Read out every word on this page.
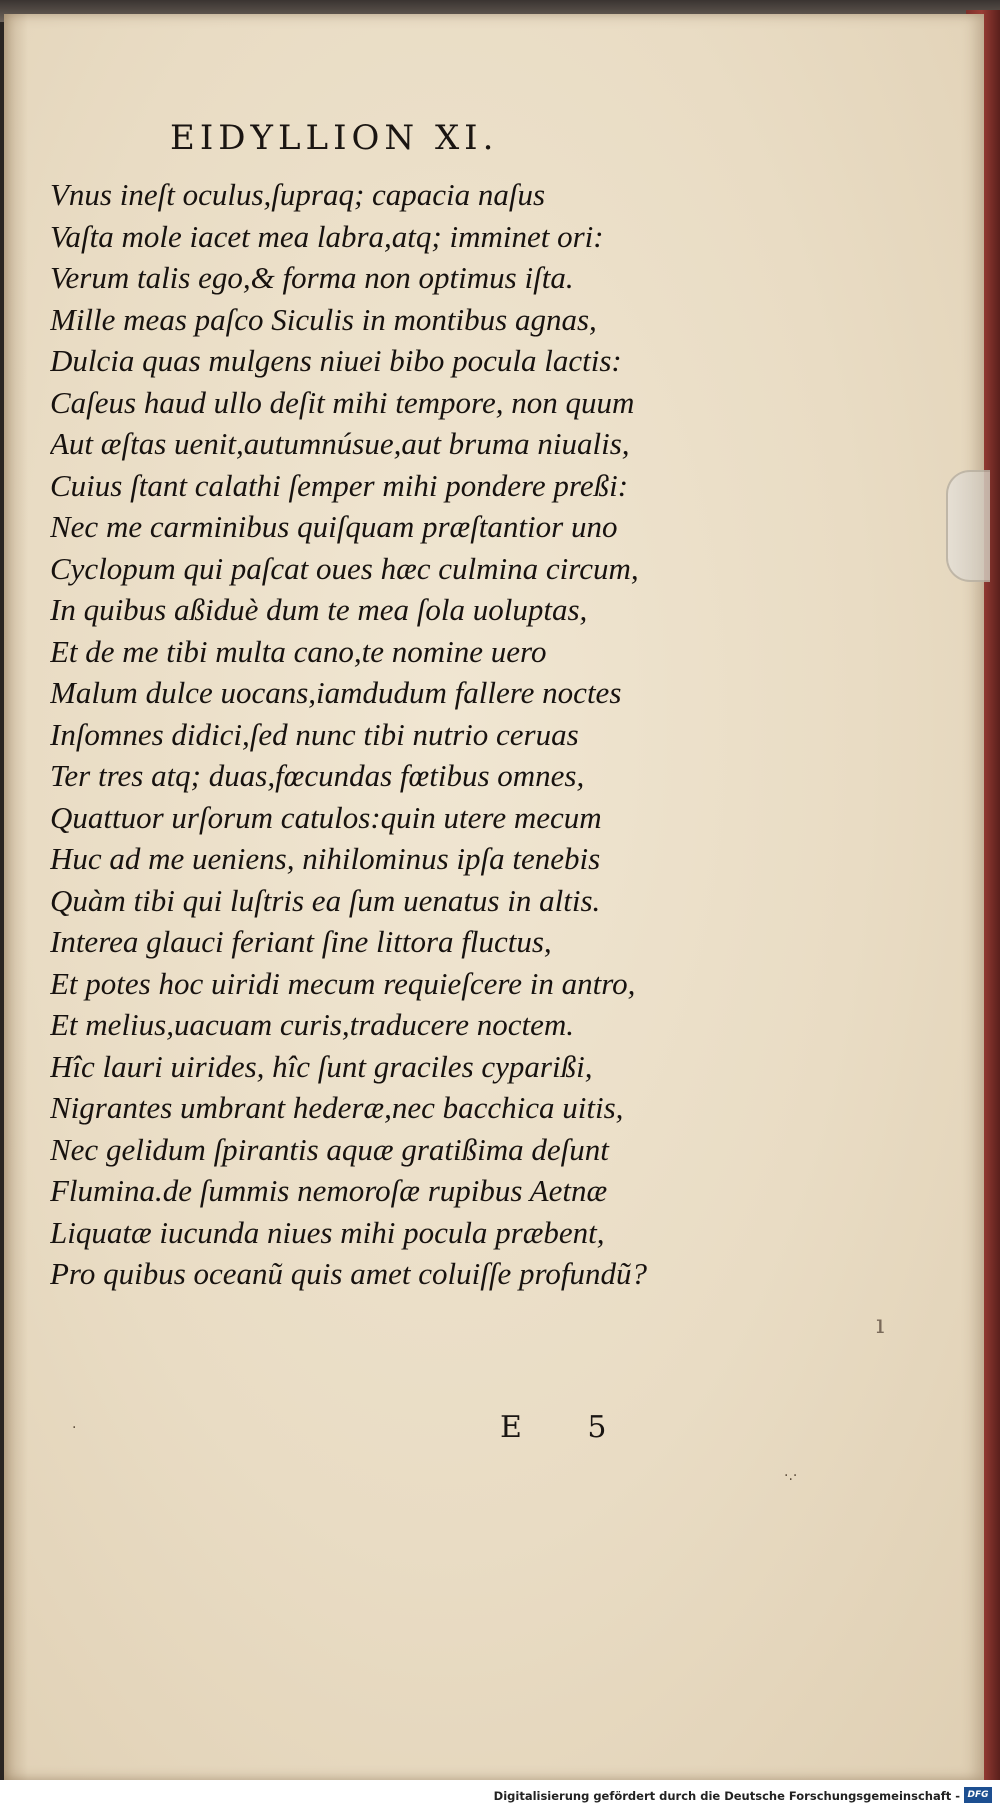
EIDYLLION XI.
Vnus ineſt oculus,ſupraq; capacia naſus
Vaſta mole iacet mea labra,atq; imminet ori:
Verum talis ego,& forma non optimus iſta.
Mille meas paſco Siculis in montibus agnas,
Dulcia quas mulgens niuei bibo pocula lactis:
Caſeus haud ullo deſit mihi tempore, non quum
Aut æſtas uenit,autumnúsue,aut bruma niualis,
Cuius ſtant calathi ſemper mihi pondere preßi:
Nec me carminibus quiſquam præſtantior uno
Cyclopum qui paſcat oues hæc culmina circum,
In quibus aßiduè dum te mea ſola uoluptas,
Et de me tibi multa cano,te nomine uero
Malum dulce uocans,iamdudum fallere noctes
Inſomnes didici,ſed nunc tibi nutrio ceruas
Ter tres atq; duas,fœcundas fœtibus omnes,
Quattuor urſorum catulos:quin utere mecum
Huc ad me ueniens, nihilominus ipſa tenebis
Quàm tibi qui luſtris ea ſum uenatus in altis.
Interea glauci feriant ſine littora fluctus,
Et potes hoc uiridi mecum requieſcere in antro,
Et melius,uacuam curis,traducere noctem.
Hîc lauri uirides, hîc ſunt graciles cyparißi,
Nigrantes umbrant hederæ,nec bacchica uitis,
Nec gelidum ſpirantis aquæ gratißima deſunt
Flumina.de ſummis nemoroſæ rupibus Aetnæ
Liquatæ iucunda niues mihi pocula præbent,
Pro quibus oceanũ quis amet coluiſſe profundũ?
E 5
·
·.·
ı
Digitalisierung gefördert durch die Deutsche Forschungsgemeinschaft - DFG
